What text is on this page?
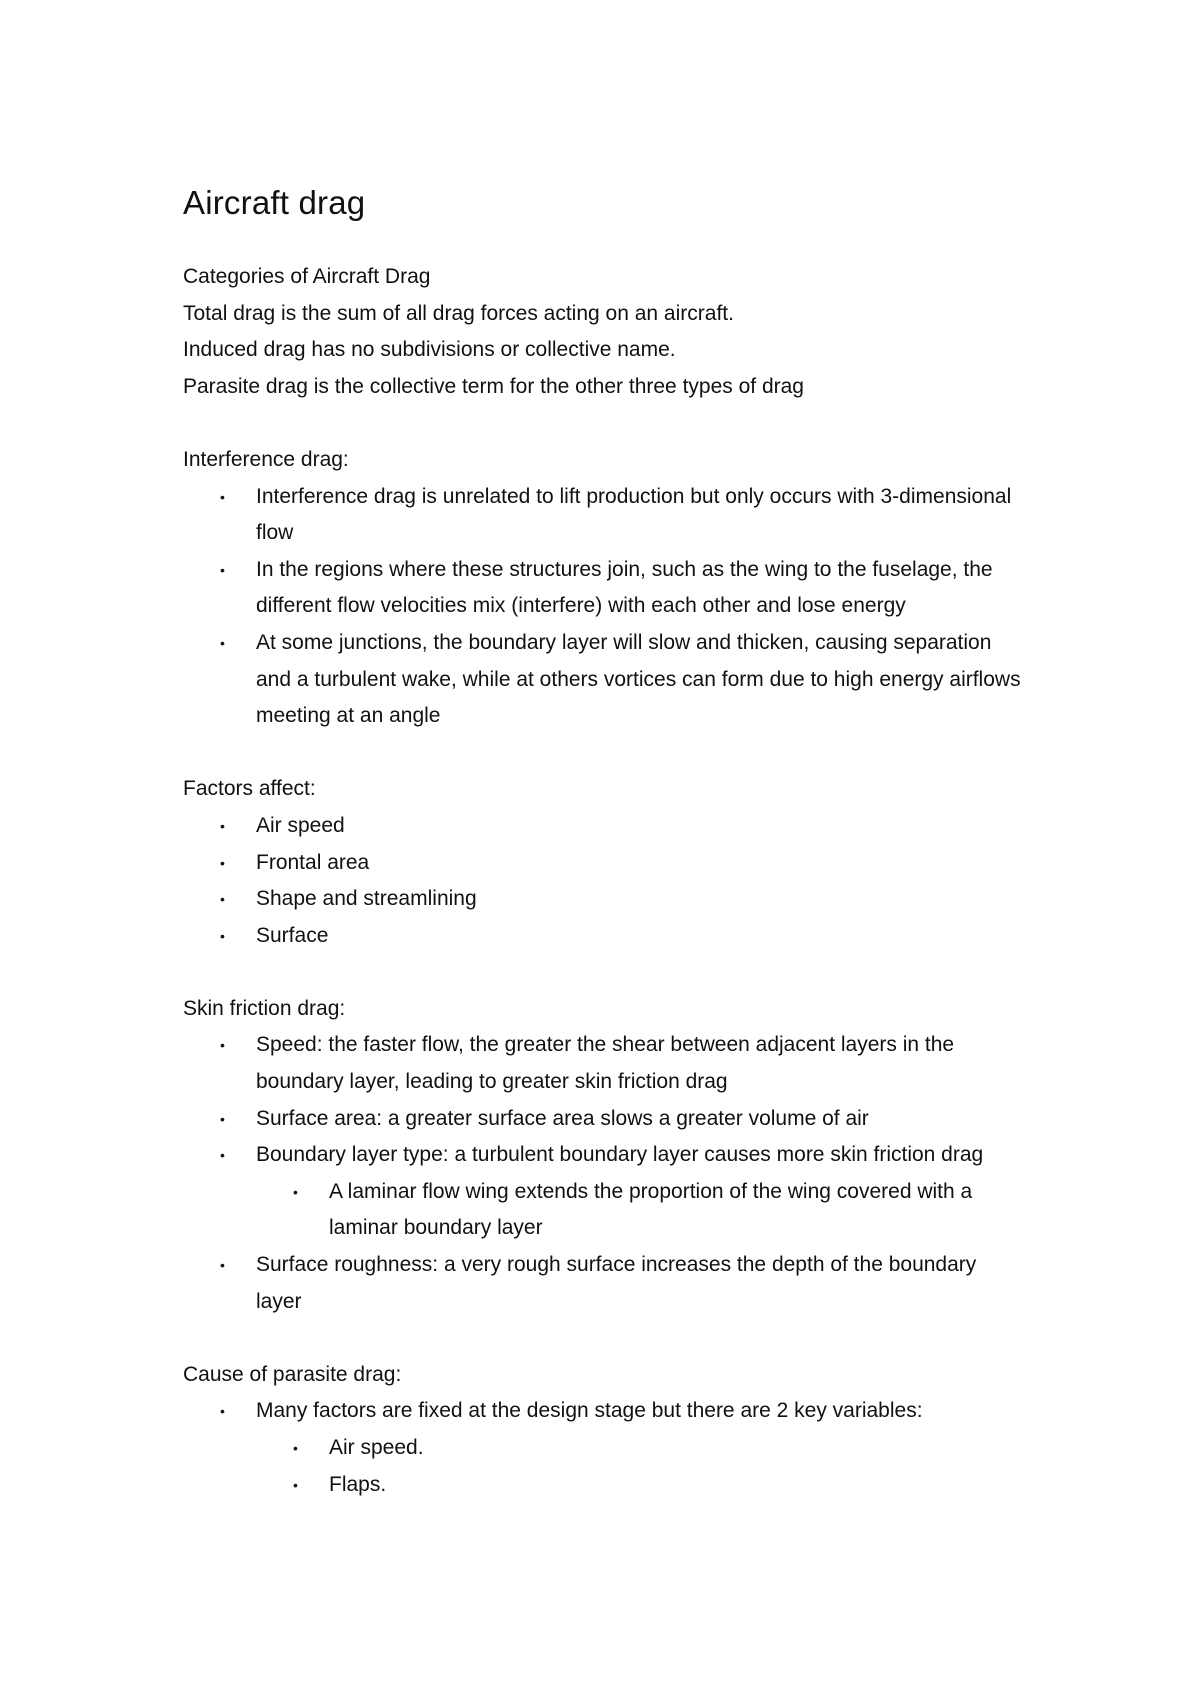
Aircraft drag
Categories of Aircraft Drag
Total drag is the sum of all drag forces acting on an aircraft.
Induced drag has no subdivisions or collective name.
Parasite drag is the collective term for the other three types of drag
Interference drag:
• Interference drag is unrelated to lift production but only occurs with 3-dimensional flow
• In the regions where these structures join, such as the wing to the fuselage, the different flow velocities mix (interfere) with each other and lose energy
• At some junctions, the boundary layer will slow and thicken, causing separation and a turbulent wake, while at others vortices can form due to high energy airflows meeting at an angle
Factors affect:
• Air speed
• Frontal area
• Shape and streamlining
• Surface
Skin friction drag:
• Speed: the faster flow, the greater the shear between adjacent layers in the boundary layer, leading to greater skin friction drag
• Surface area: a greater surface area slows a greater volume of air
• Boundary layer type: a turbulent boundary layer causes more skin friction drag
• A laminar flow wing extends the proportion of the wing covered with a laminar boundary layer
• Surface roughness: a very rough surface increases the depth of the boundary layer
Cause of parasite drag:
• Many factors are fixed at the design stage but there are 2 key variables:
• Air speed.
• Flaps.
